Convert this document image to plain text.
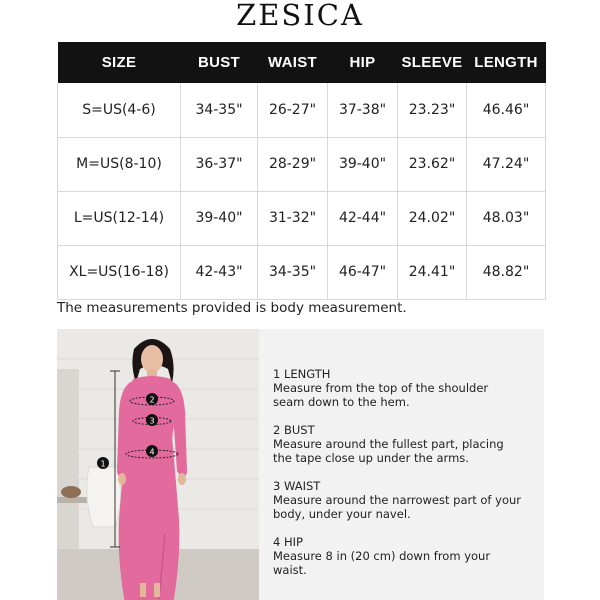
ZESICA
SIZE	BUST	WAIST	HIP	SLEEVE	LENGTH
S=US(4-6)	34-35"	26-27"	37-38"	23.23"	46.46"
M=US(8-10)	36-37"	28-29"	39-40"	23.62"	47.24"
L=US(12-14)	39-40"	31-32"	42-44"	24.02"	48.03"
XL=US(16-18)	42-43"	34-35"	46-47"	24.41"	48.82"
The measurements provided is body measurement.
1
2
3
4
1 LENGTH
Measure from the top of the shoulder seam down to the hem.
2 BUST
Measure around the fullest part, placing the tape close up under the arms.
3 WAIST
Measure around the narrowest part of your body, under your navel.
4 HIP
Measure 8 in (20 cm) down from your waist.
